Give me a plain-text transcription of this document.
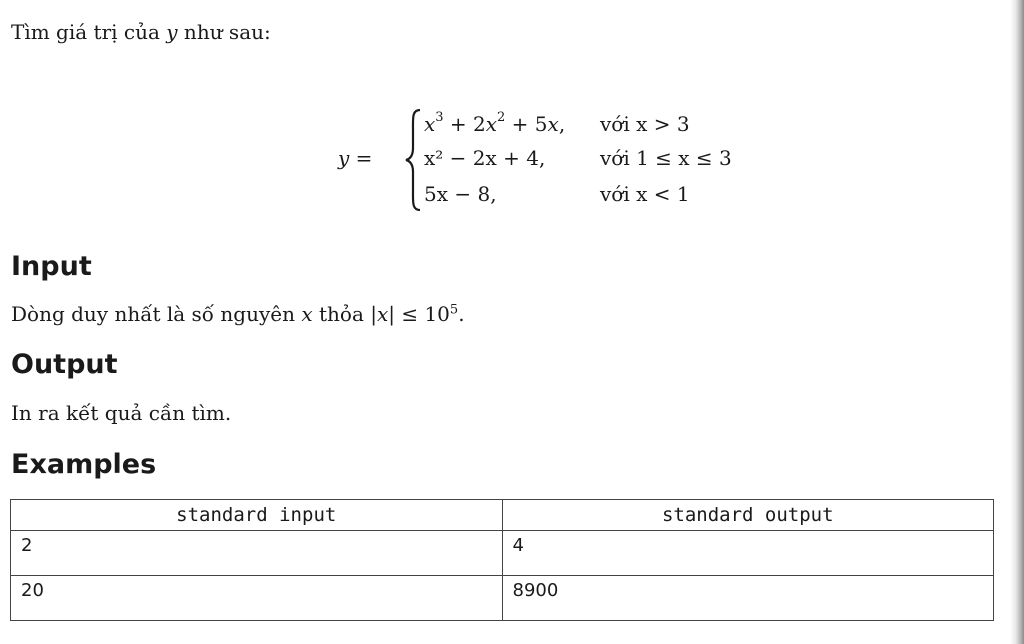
Tìm giá trị của y như sau:
y =
$x^3 + 2x^2 + 5x$, với x > 3
x² − 2x + 4,	với 1 ≤ x ≤ 3
5x − 8,	với x < 1
Input
Dòng duy nhất là số nguyên x thỏa $|x| \le 10^5$.
Output
In ra kết quả cần tìm.
Examples
standard input	standard output
2	4
20	8900
